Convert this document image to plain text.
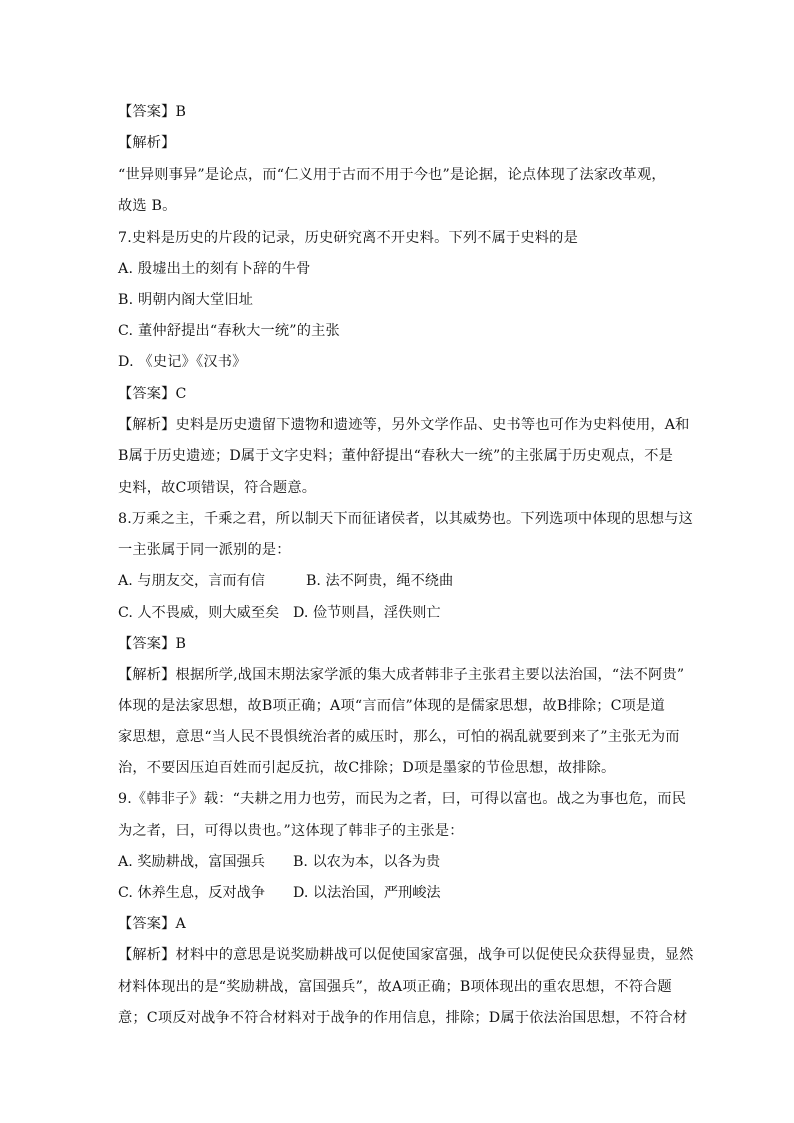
【答案】B
【解析】
“世异则事异”是论点，而“仁义用于古而不用于今也”是论据，论点体现了法家改革观，
故选 B。
7.史料是历史的片段的记录，历史研究离不开史料。下列不属于史料的是
A. 殷墟出土的刻有卜辞的牛骨
B. 明朝内阁大堂旧址
C. 董仲舒提出“春秋大一统”的主张
D. 《史记》《汉书》
【答案】C
【解析】史料是历史遗留下遗物和遗迹等，另外文学作品、史书等也可作为史料使用，A和
B属于历史遗迹；D属于文字史料；董仲舒提出“春秋大一统”的主张属于历史观点，不是
史料，故C项错误，符合题意。
8.万乘之主，千乘之君，所以制天下而征诸侯者，以其威势也。下列选项中体现的思想与这
一主张属于同一派别的是：
A. 与朋友交，言而有信	B. 法不阿贵，绳不绕曲
C. 人不畏威，则大威至矣 D. 俭节则昌，淫佚则亡
【答案】B
【解析】根据所学,战国末期法家学派的集大成者韩非子主张君主要以法治国，“法不阿贵”
体现的是法家思想，故B项正确；A项“言而信”体现的是儒家思想，故B排除；C项是道
家思想，意思“当人民不畏惧统治者的威压时，那么，可怕的祸乱就要到来了”主张无为而
治，不要因压迫百姓而引起反抗，故C排除；D项是墨家的节俭思想，故排除。
9.《韩非子》载：“夫耕之用力也劳，而民为之者，曰，可得以富也。战之为事也危，而民
为之者，曰，可得以贵也。”这体现了韩非子的主张是：
A. 奖励耕战，富国强兵 B. 以农为本，以各为贵
C. 休养生息，反对战争 D. 以法治国，严刑峻法
【答案】A
【解析】材料中的意思是说奖励耕战可以促使国家富强，战争可以促使民众获得显贵，显然
材料体现出的是“奖励耕战，富国强兵”，故A项正确；B项体现出的重农思想，不符合题
意；C项反对战争不符合材料对于战争的作用信息，排除；D属于依法治国思想，不符合材
